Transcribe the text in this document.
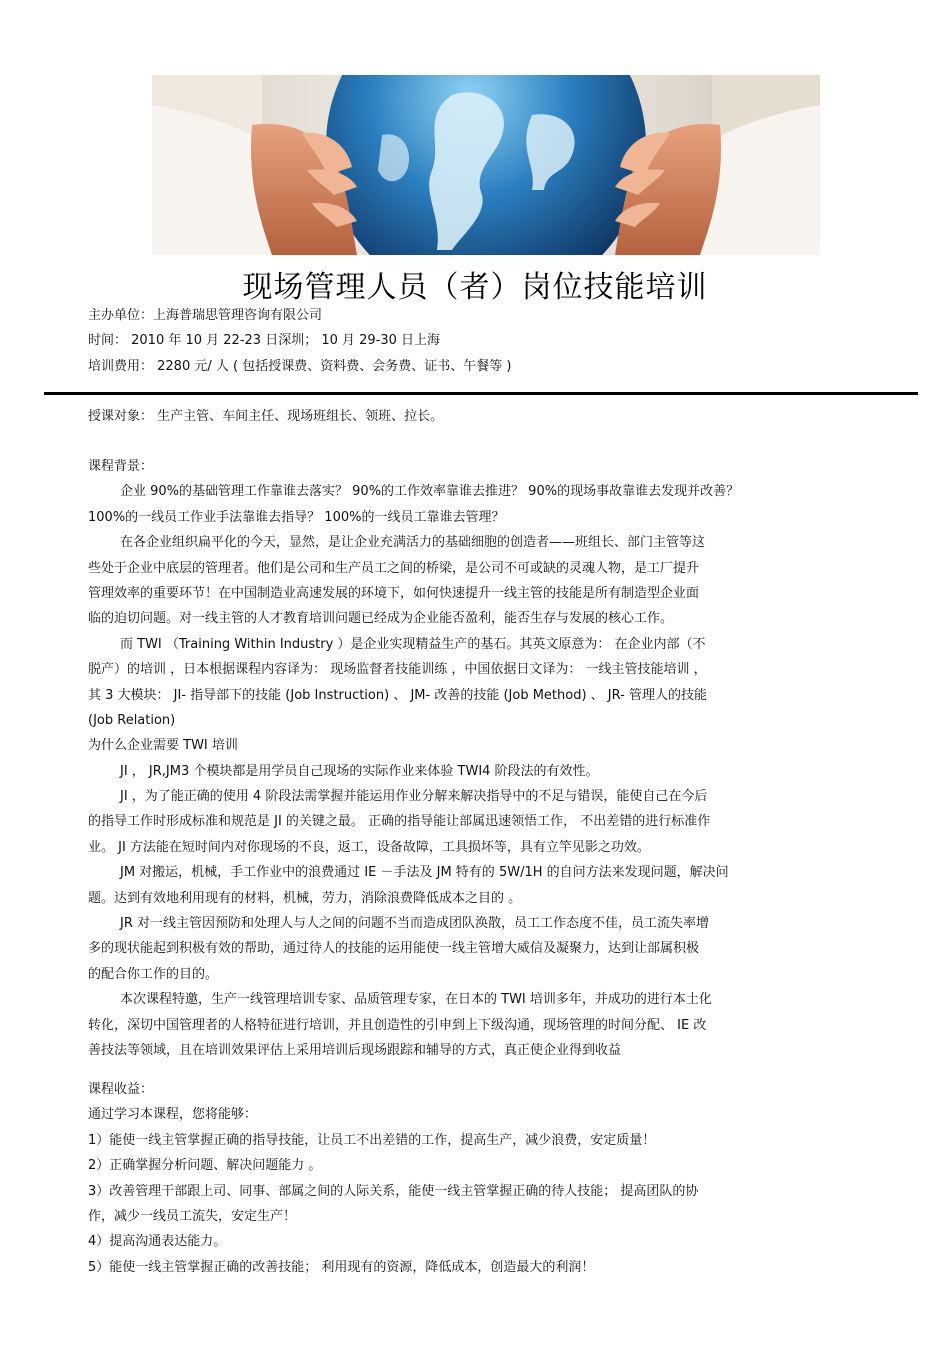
现场管理人员（者）岗位技能培训
主办单位：上海普瑞思管理咨询有限公司
时间： 2010 年 10 月 22-23 日深圳； 10 月 29-30 日上海
培训费用： 2280 元/ 人 ( 包括授课费、资料费、会务费、证书、午餐等 )
授课对象： 生产主管、车间主任、现场班组长、领班、拉长。
课程背景：
企业 90%的基础管理工作靠谁去落实？ 90%的工作效率靠谁去推进？ 90%的现场事故靠谁去发现并改善？
100%的一线员工作业手法靠谁去指导？ 100%的一线员工靠谁去管理？
在各企业组织扁平化的今天，显然，是让企业充满活力的基础细胞的创造者——班组长、部门主管等这
些处于企业中底层的管理者。他们是公司和生产员工之间的桥梁，是公司不可或缺的灵魂人物，是工厂提升
管理效率的重要环节！在中国制造业高速发展的环境下，如何快速提升一线主管的技能是所有制造型企业面
临的迫切问题。对一线主管的人才教育培训问题已经成为企业能否盈利，能否生存与发展的核心工作。
而 TWI （Training Within Industry ）是企业实现精益生产的基石。其英文原意为： 在企业内部（不
脱产）的培训 ，日本根据课程内容译为： 现场监督者技能训练 ，中国依据日文译为： 一线主管技能培训 ，
其 3 大模块： JI- 指导部下的技能 (Job Instruction) 、 JM- 改善的技能 (Job Method) 、 JR- 管理人的技能
(Job Relation)
为什么企业需要 TWI 培训
JI ， JR,JM3 个模块都是用学员自己现场的实际作业来体验 TWI4 阶段法的有效性。
JI ，为了能正确的使用 4 阶段法需掌握并能运用作业分解来解决指导中的不足与错误，能使自己在今后
的指导工作时形成标准和规范是 JI 的关键之最。 正确的指导能让部属迅速领悟工作， 不出差错的进行标准作
业。 JI 方法能在短时间内对你现场的不良，返工，设备故障，工具损坏等，具有立竿见影之功效。
JM 对搬运，机械，手工作业中的浪费通过 IE －手法及 JM 特有的 5W/1H 的自问方法来发现问题，解决问
题。达到有效地利用现有的材料，机械，劳力，消除浪费降低成本之目的 。
JR 对一线主管因预防和处理人与人之间的问题不当而造成团队涣散，员工工作态度不佳，员工流失率增
多的现状能起到积极有效的帮助，通过待人的技能的运用能使一线主管增大威信及凝聚力，达到让部属积极
的配合你工作的目的。
本次课程特邀，生产一线管理培训专家、品质管理专家，在日本的 TWI 培训多年，并成功的进行本土化
转化，深切中国管理者的人格特征进行培训，并且创造性的引申到上下级沟通，现场管理的时间分配、 IE 改
善技法等领域，且在培训效果评估上采用培训后现场跟踪和辅导的方式，真正使企业得到收益
课程收益：
通过学习本课程，您将能够：
1）能使一线主管掌握正确的指导技能，让员工不出差错的工作，提高生产，减少浪费，安定质量！
2）正确掌握分析问题、解决问题能力 。
3）改善管理干部跟上司、同事、部属之间的人际关系，能使一线主管掌握正确的待人技能； 提高团队的协
作，减少一线员工流失，安定生产！
4）提高沟通表达能力。
5）能使一线主管掌握正确的改善技能； 利用现有的资源，降低成本，创造最大的利润！
